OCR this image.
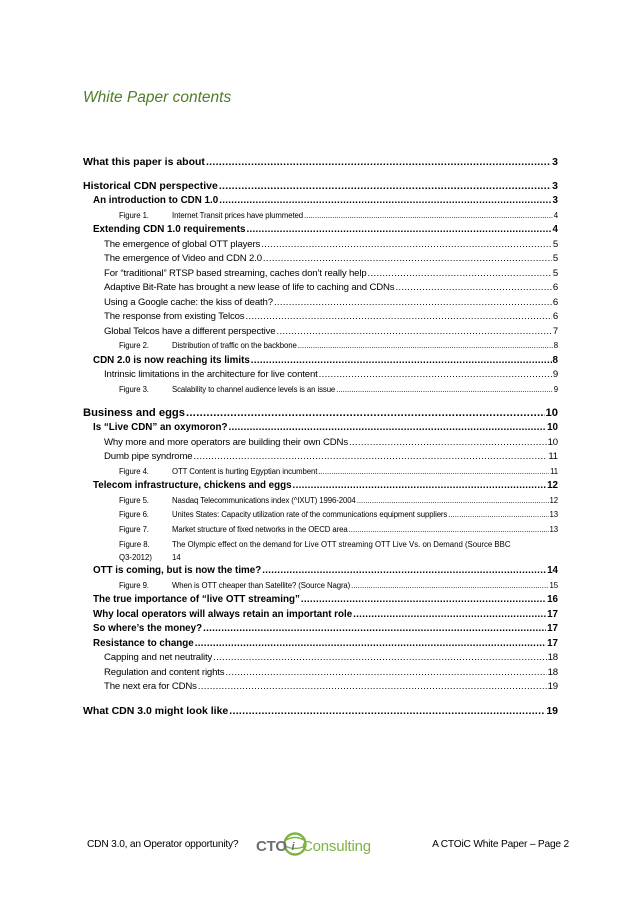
White Paper contents
What this paper is about .....	3
Historical CDN perspective .....	3
An introduction to CDN 1.0 .....	3
Figure 1.	Internet Transit prices have plummeted .....	4
Extending CDN 1.0 requirements .....	4
The emergence of global OTT players .....	5
The emergence of Video and CDN 2.0 .....	5
For “traditional” RTSP based streaming, caches don’t really help .....	5
Adaptive Bit-Rate has brought a new lease of life to caching and CDNs .....	6
Using a Google cache: the kiss of death? .....	6
The response from existing Telcos .....	6
Global Telcos have a different perspective .....	7
Figure 2.	Distribution of traffic on the backbone .....	8
CDN 2.0 is now reaching its limits .....	8
Intrinsic limitations in the architecture for live content .....	9
Figure 3.	Scalability to channel audience levels is an issue .....	9
Business and eggs .....	10
Is “Live CDN” an oxymoron? .....	10
Why more and more operators are building their own CDNs .....	10
Dumb pipe syndrome .....	11
Figure 4.	OTT Content is hurting Egyptian incumbent .....	11
Telecom infrastructure, chickens and eggs .....	12
Figure 5.	Nasdaq Telecommunications index (^IXUT) 1996-2004 .....	12
Figure 6.	Unites States: Capacity utilization rate of the communications equipment suppliers .....	13
Figure 7.	Market structure of fixed networks in the OECD area .....	13
Figure 8.	The Olympic effect on the demand for Live OTT streaming OTT Live Vs. on Demand (Source BBC
Q3-2012)	14
OTT is coming, but is now the time? .....	14
Figure 9.	When is OTT cheaper than Satellite? (Source Nagra) .....	15
The true importance of “live OTT streaming” .....	16
Why local operators will always retain an important role .....	17
So where’s the money? .....	17
Resistance to change .....	17
Capping and net neutrality .....	18
Regulation and content rights .....	18
The next era for CDNs .....	19
What CDN 3.0 might look like .....	19
CDN 3.0, an Operator opportunity? CTO i Consulting	A CTOiC White Paper – Page 2
